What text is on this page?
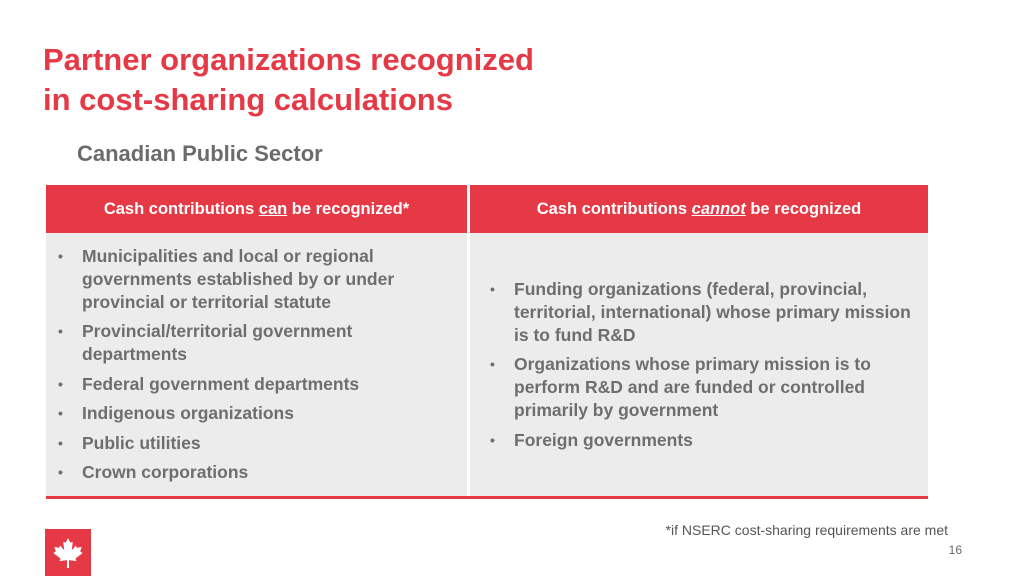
Partner organizations recognized
in cost-sharing calculations
Canadian Public Sector
Cash contributions can be recognized*
• Municipalities and local or regional governments established by or under provincial or territorial statute
• Provincial/territorial government departments
• Federal government departments
• Indigenous organizations
• Public utilities
• Crown corporations
Cash contributions cannot be recognized
• Funding organizations (federal, provincial, territorial, international) whose primary mission is to fund R&D
• Organizations whose primary mission is to perform R&D and are funded or controlled primarily by government
• Foreign governments
*if NSERC cost-sharing requirements are met
16
